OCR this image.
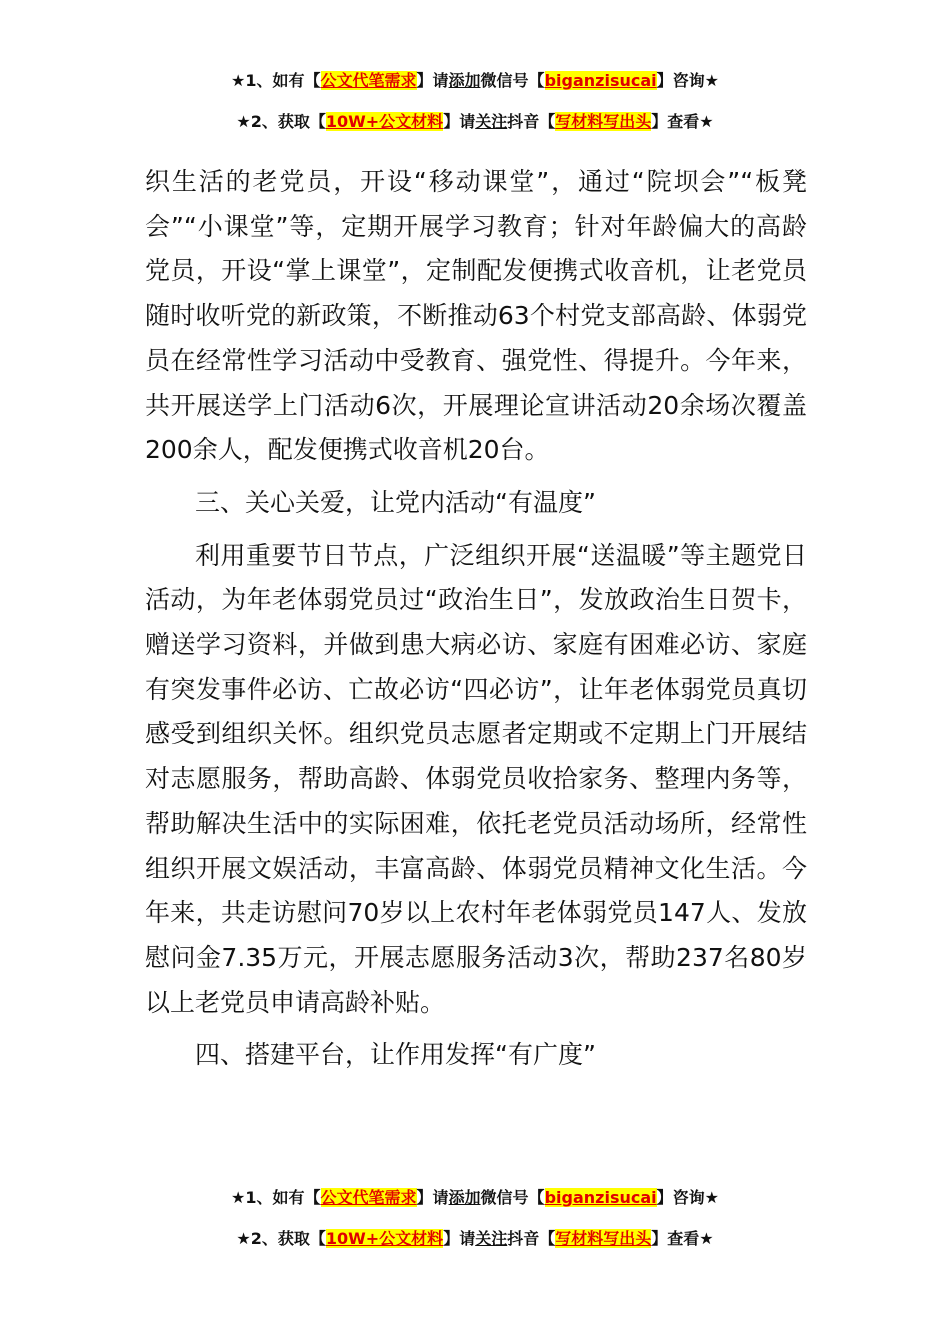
★1、如有【公文代笔需求】请添加微信号【biganzisucai】咨询★
★2、获取【10W+公文材料】请关注抖音【写材料写出头】查看★

织生活的老党员，开设“移动课堂”，通过“院坝会”“板凳会”“小课堂”等，定期开展学习教育；针对年龄偏大的高龄党员，开设“掌上课堂”，定制配发便携式收音机，让老党员随时收听党的新政策，不断推动63个村党支部高龄、体弱党员在经常性学习活动中受教育、强党性、得提升。今年来，共开展送学上门活动6次，开展理论宣讲活动20余场次覆盖200余人，配发便携式收音机20台。

三、关心关爱，让党内活动“有温度”

利用重要节日节点，广泛组织开展“送温暖”等主题党日活动，为年老体弱党员过“政治生日”，发放政治生日贺卡，赠送学习资料，并做到患大病必访、家庭有困难必访、家庭有突发事件必访、亡故必访“四必访”，让年老体弱党员真切感受到组织关怀。组织党员志愿者定期或不定期上门开展结对志愿服务，帮助高龄、体弱党员收拾家务、整理内务等，帮助解决生活中的实际困难，依托老党员活动场所，经常性组织开展文娱活动，丰富高龄、体弱党员精神文化生活。今年来，共走访慰问70岁以上农村年老体弱党员147人、发放慰问金7.35万元，开展志愿服务活动3次，帮助237名80岁以上老党员申请高龄补贴。

四、搭建平台，让作用发挥“有广度”

★1、如有【公文代笔需求】请添加微信号【biganzisucai】咨询★
★2、获取【10W+公文材料】请关注抖音【写材料写出头】查看★
